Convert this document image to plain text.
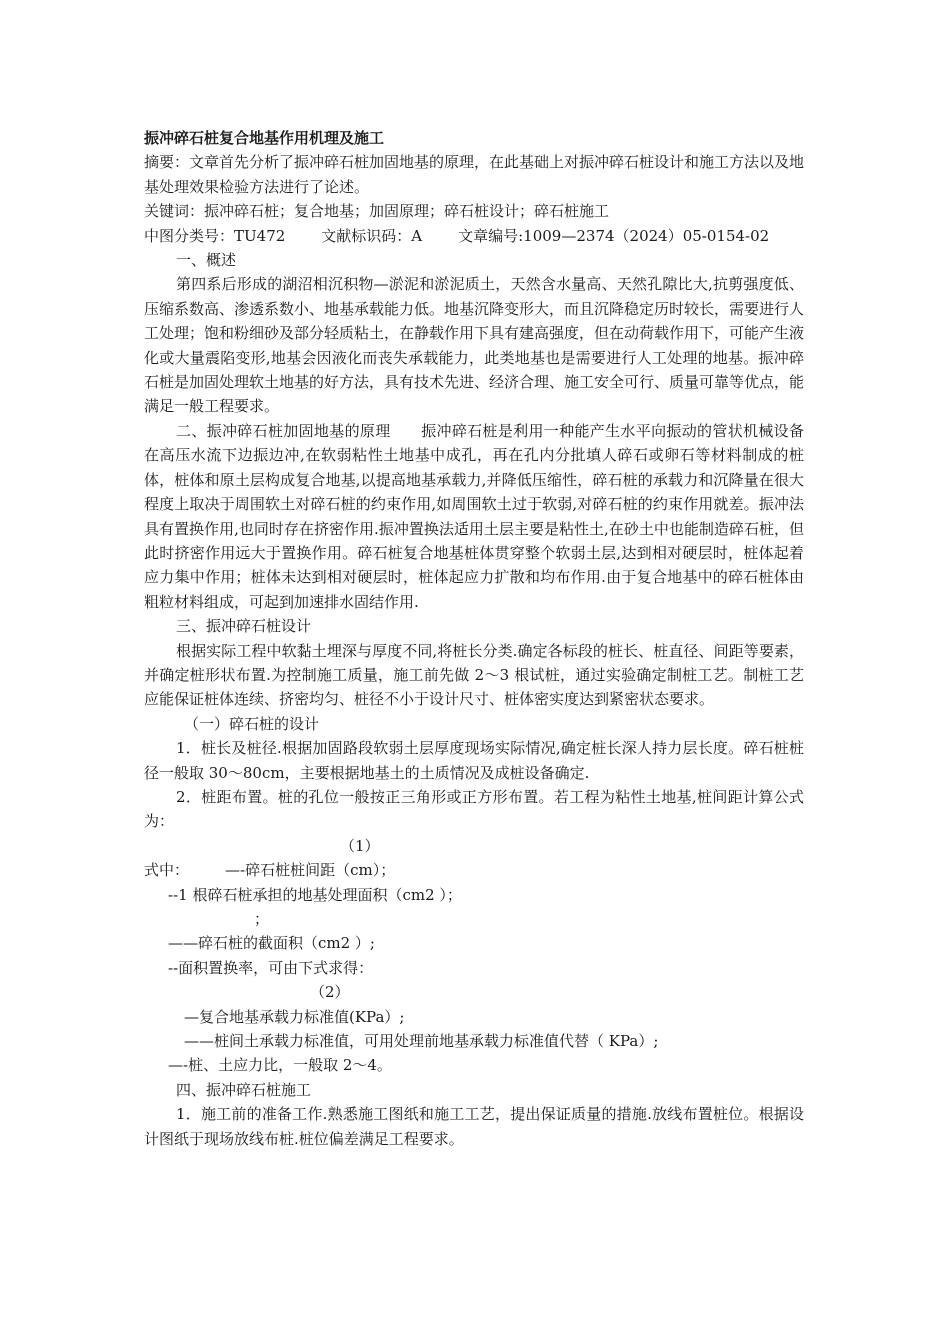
振冲碎石桩复合地基作用机理及施工

摘要：文章首先分析了振冲碎石桩加固地基的原理，在此基础上对振冲碎石桩设计和施工方法以及地基处理效果检验方法进行了论述。

关键词：振冲碎石桩；复合地基；加固原理；碎石桩设计；碎石桩施工

中图分类号：TU472 文献标识码：A 文章编号:1009—2374（2024）05-0154-02

一、概述

第四系后形成的湖沼相沉积物—淤泥和淤泥质土，天然含水量高、天然孔隙比大,抗剪强度低、压缩系数高、渗透系数小、地基承载能力低。地基沉降变形大，而且沉降稳定历时较长，需要进行人工处理；饱和粉细砂及部分轻质粘土，在静载作用下具有建高强度，但在动荷载作用下，可能产生液化或大量震陷变形,地基会因液化而丧失承载能力，此类地基也是需要进行人工处理的地基。振冲碎石桩是加固处理软土地基的好方法，具有技术先进、经济合理、施工安全可行、质量可靠等优点，能满足一般工程要求。

二、振冲碎石桩加固地基的原理　　振冲碎石桩是利用一种能产生水平向振动的管状机械设备在高压水流下边振边冲,在软弱粘性土地基中成孔，再在孔内分批填人碎石或卵石等材料制成的桩体，桩体和原土层构成复合地基,以提高地基承载力,并降低压缩性，碎石桩的承载力和沉降量在很大程度上取决于周围软土对碎石桩的约束作用,如周围软土过于软弱,对碎石桩的约束作用就差。振冲法具有置换作用,也同时存在挤密作用.振冲置换法适用土层主要是粘性土,在砂土中也能制造碎石桩，但此时挤密作用远大于置换作用。碎石桩复合地基桩体贯穿整个软弱土层,达到相对硬层时，桩体起着应力集中作用；桩体未达到相对硬层时，桩体起应力扩散和均布作用.由于复合地基中的碎石桩体由粗粒材料组成，可起到加速排水固结作用.

三、振冲碎石桩设计

根据实际工程中软黏土埋深与厚度不同,将桩长分类.确定各标段的桩长、桩直径、间距等要素，并确定桩形状布置.为控制施工质量，施工前先做 2～3 根试桩，通过实验确定制桩工艺。制桩工艺应能保证桩体连续、挤密均匀、桩径不小于设计尺寸、桩体密实度达到紧密状态要求。

（一）碎石桩的设计

1．桩长及桩径.根据加固路段软弱土层厚度现场实际情况,确定桩长深人持力层长度。碎石桩桩径一般取 30～80cm，主要根据地基土的土质情况及成桩设备确定.

2．桩距布置。桩的孔位一般按正三角形或正方形布置。若工程为粘性土地基,桩间距计算公式为：

（1）
式中： —-碎石桩桩间距（cm）；
--1 根碎石桩承担的地基处理面积（cm2 ）；
；
——碎石桩的截面积（cm2 ）;
--面积置换率，可由下式求得：
（2）
—复合地基承载力标准值(KPa）;
——桩间土承载力标准值，可用处理前地基承载力标准值代替（ KPa）;
—-桩、土应力比，一般取 2～4。

四、振冲碎石桩施工

1．施工前的准备工作.熟悉施工图纸和施工工艺，提出保证质量的措施.放线布置桩位。根据设计图纸于现场放线布桩.桩位偏差满足工程要求。
